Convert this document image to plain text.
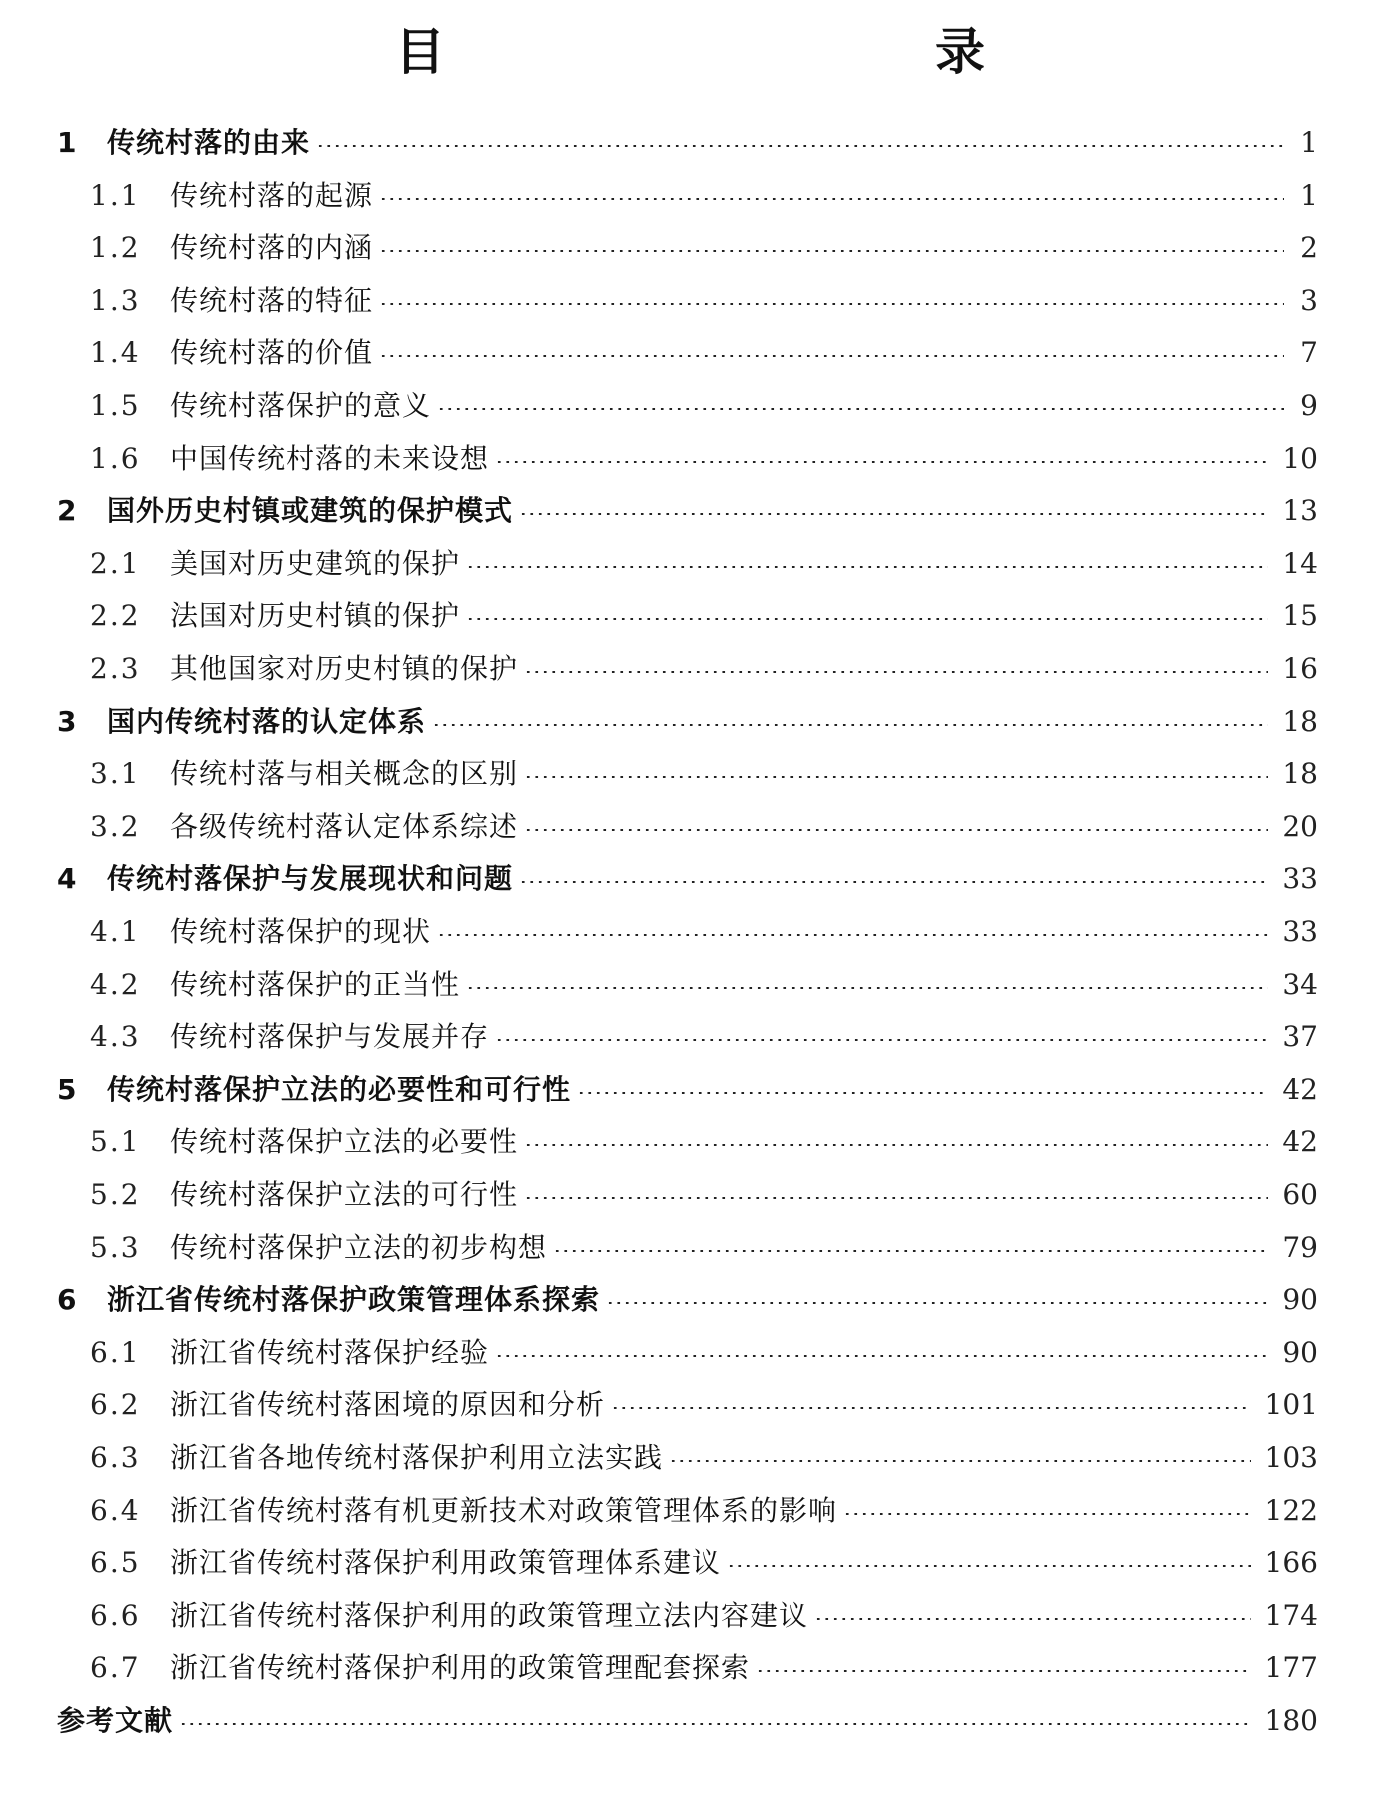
目　　录
1	传统村落的由来	1
1.1	传统村落的起源	1
1.2	传统村落的内涵	2
1.3	传统村落的特征	3
1.4	传统村落的价值	7
1.5	传统村落保护的意义	9
1.6	中国传统村落的未来设想	10
2	国外历史村镇或建筑的保护模式	13
2.1	美国对历史建筑的保护	14
2.2	法国对历史村镇的保护	15
2.3	其他国家对历史村镇的保护	16
3	国内传统村落的认定体系	18
3.1	传统村落与相关概念的区别	18
3.2	各级传统村落认定体系综述	20
4	传统村落保护与发展现状和问题	33
4.1	传统村落保护的现状	33
4.2	传统村落保护的正当性	34
4.3	传统村落保护与发展并存	37
5	传统村落保护立法的必要性和可行性	42
5.1	传统村落保护立法的必要性	42
5.2	传统村落保护立法的可行性	60
5.3	传统村落保护立法的初步构想	79
6	浙江省传统村落保护政策管理体系探索	90
6.1	浙江省传统村落保护经验	90
6.2	浙江省传统村落困境的原因和分析	101
6.3	浙江省各地传统村落保护利用立法实践	103
6.4	浙江省传统村落有机更新技术对政策管理体系的影响	122
6.5	浙江省传统村落保护利用政策管理体系建议	166
6.6	浙江省传统村落保护利用的政策管理立法内容建议	174
6.7	浙江省传统村落保护利用的政策管理配套探索	177
参考文献	180
